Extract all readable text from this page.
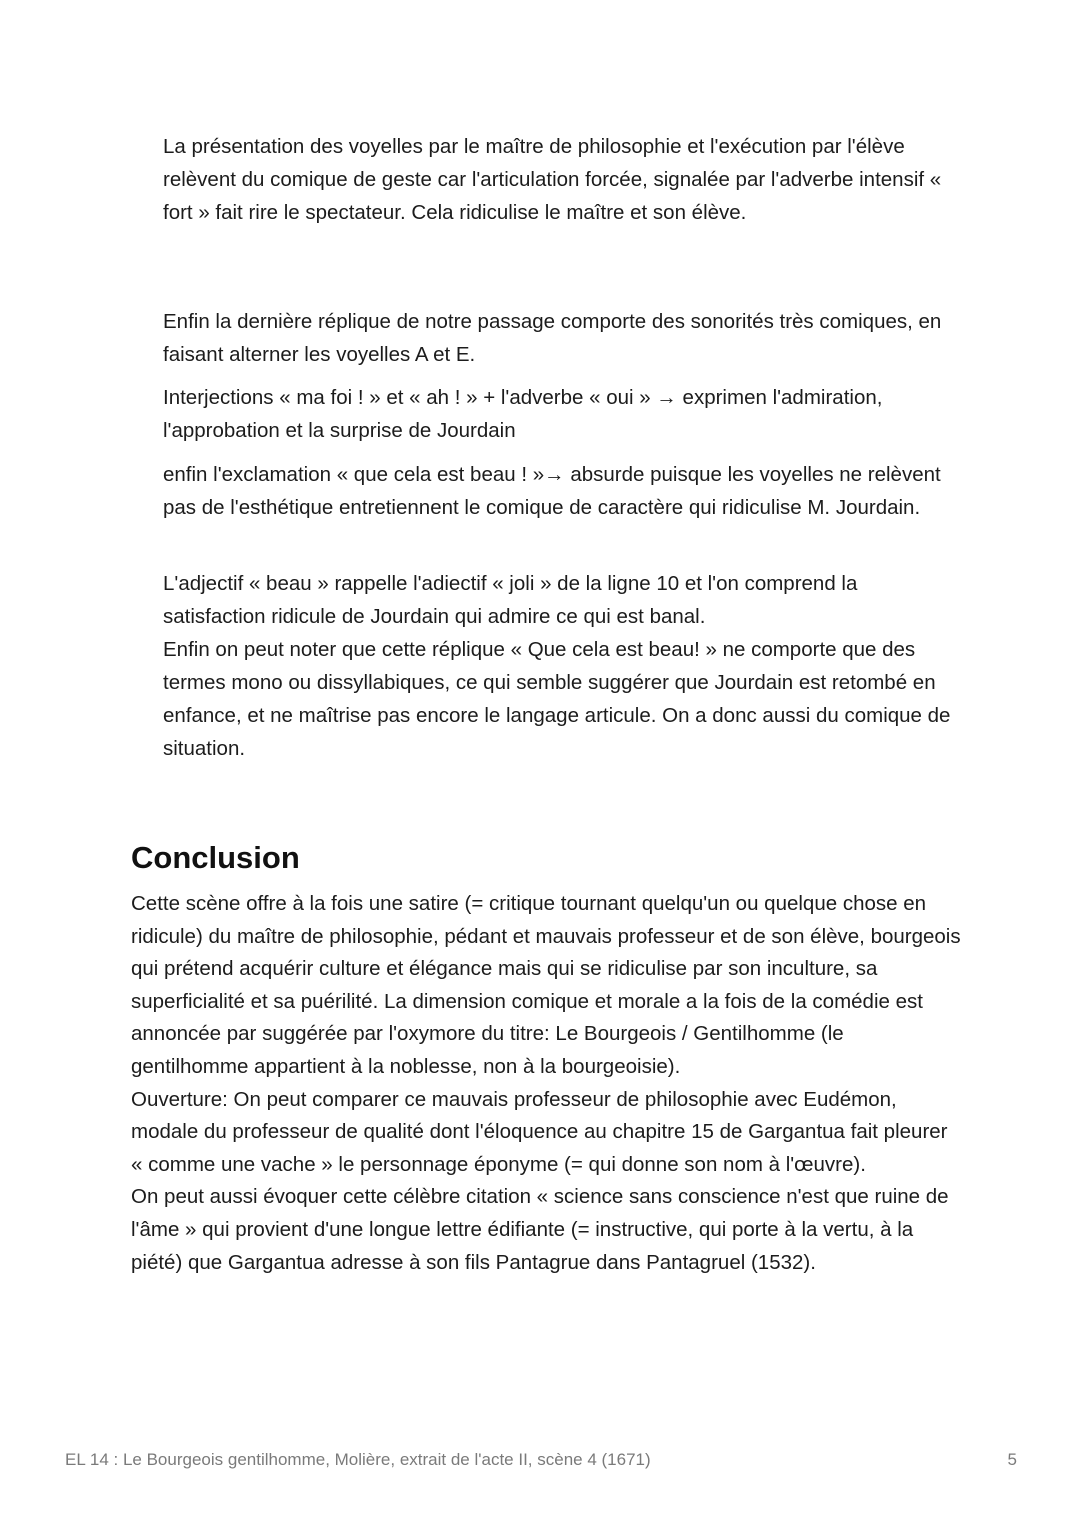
La présentation des voyelles par le maître de philosophie et l'exécution par l'élève relèvent du comique de geste car l'articulation forcée, signalée par l'adverbe intensif « fort » fait rire le spectateur. Cela ridiculise le maître et son élève.

Enfin la dernière réplique de notre passage comporte des sonorités très comiques, en faisant alterner les voyelles A et E.

Interjections « ma foi ! » et « ah ! » + l'adverbe « oui » → exprimen l'admiration, l'approbation et la surprise de Jourdain

enfin l'exclamation « que cela est beau ! »→ absurde puisque les voyelles ne relèvent pas de l'esthétique entretiennent le comique de caractère qui ridiculise M. Jourdain.

L'adjectif « beau » rappelle l'adiectif « joli » de la ligne 10 et l'on comprend la satisfaction ridicule de Jourdain qui admire ce qui est banal.

Enfin on peut noter que cette réplique « Que cela est beau! » ne comporte que des termes mono ou dissyllabiques, ce qui semble suggérer que Jourdain est retombé en enfance, et ne maîtrise pas encore le langage articule. On a donc aussi du comique de situation.

Conclusion

Cette scène offre à la fois une satire (= critique tournant quelqu'un ou quelque chose en ridicule) du maître de philosophie, pédant et mauvais professeur et de son élève, bourgeois qui prétend acquérir culture et élégance mais qui se ridiculise par son inculture, sa superficialité et sa puérilité. La dimension comique et morale a la fois de la comédie est annoncée par suggérée par l'oxymore du titre: Le Bourgeois / Gentilhomme (le gentilhomme appartient à la noblesse, non à la bourgeoisie).

Ouverture: On peut comparer ce mauvais professeur de philosophie avec Eudémon, modale du professeur de qualité dont l'éloquence au chapitre 15 de Gargantua fait pleurer « comme une vache » le personnage éponyme (= qui donne son nom à l'œuvre).

On peut aussi évoquer cette célèbre citation « science sans conscience n'est que ruine de l'âme » qui provient d'une longue lettre édifiante (= instructive, qui porte à la vertu, à la piété) que Gargantua adresse à son fils Pantagrue dans Pantagruel (1532).

EL 14 : Le Bourgeois gentilhomme, Molière, extrait de l'acte II, scène 4 (1671)	5
